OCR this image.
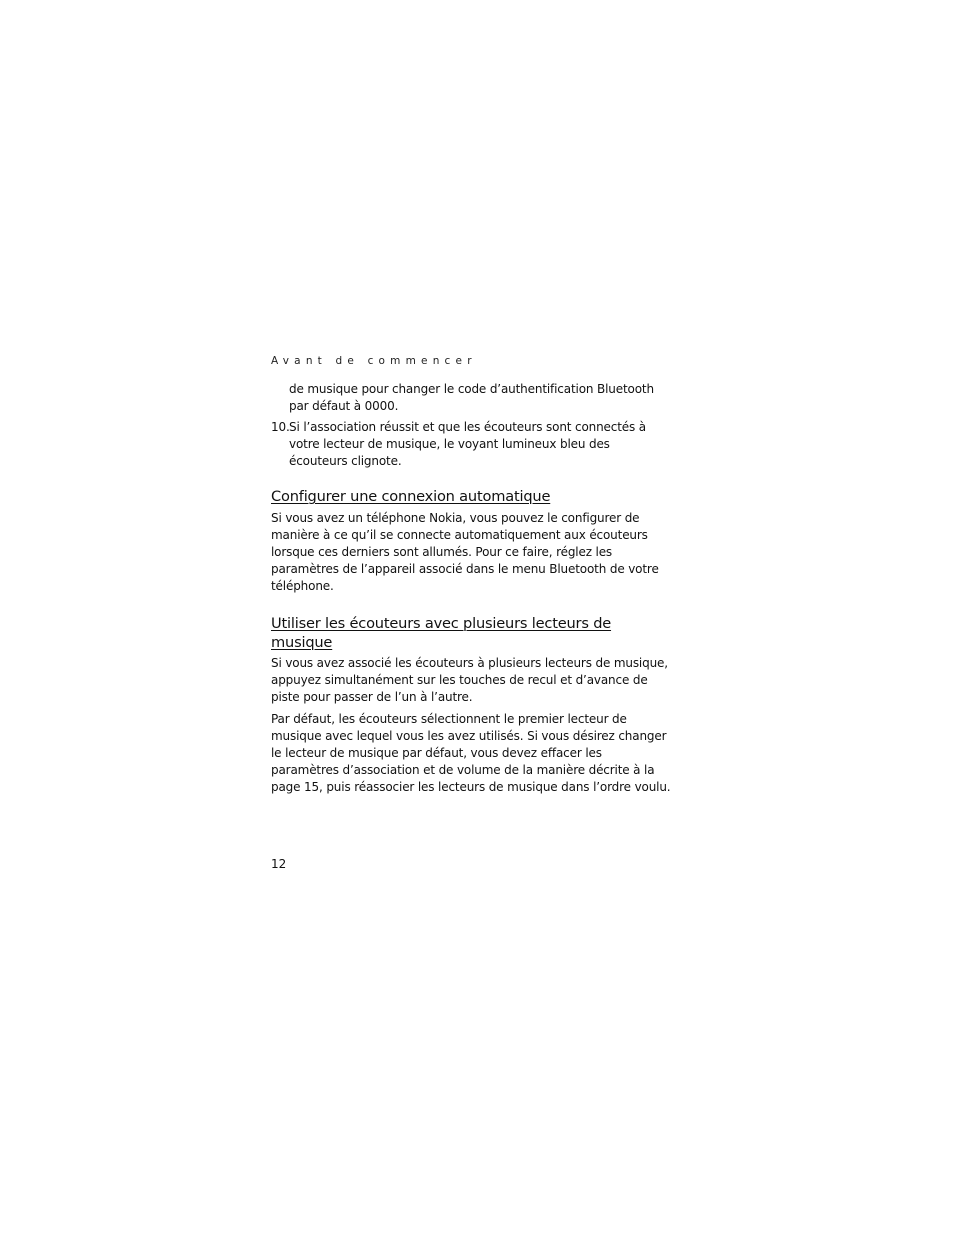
Avant de commencer

de musique pour changer le code d’authentification Bluetooth par défaut à 0000.

10. Si l’association réussit et que les écouteurs sont connectés à votre lecteur de musique, le voyant lumineux bleu des écouteurs clignote.
Configurer une connexion automatique

Si vous avez un téléphone Nokia, vous pouvez le configurer de manière à ce qu’il se connecte automatiquement aux écouteurs lorsque ces derniers sont allumés. Pour ce faire, réglez les paramètres de l’appareil associé dans le menu Bluetooth de votre téléphone.

Utiliser les écouteurs avec plusieurs lecteurs de musique

Si vous avez associé les écouteurs à plusieurs lecteurs de musique, appuyez simultanément sur les touches de recul et d’avance de piste pour passer de l’un à l’autre.

Par défaut, les écouteurs sélectionnent le premier lecteur de musique avec lequel vous les avez utilisés. Si vous désirez changer le lecteur de musique par défaut, vous devez effacer les paramètres d’association et de volume de la manière décrite à la page 15, puis réassocier les lecteurs de musique dans l’ordre voulu.

12
